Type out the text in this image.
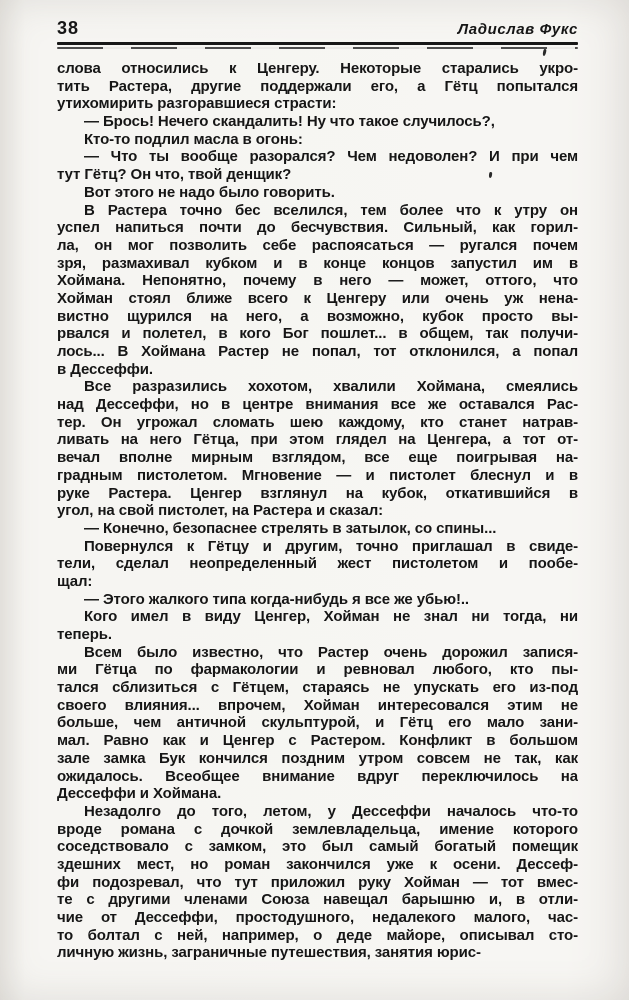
38	Ладислав Фукс
слова относились к Ценгеру. Некоторые старались укро-
тить Растера, другие поддержали его, а Гётц попытался
утихомирить разгоравшиеся страсти:
— Брось! Нечего скандалить! Ну что такое случилось?,
Кто-то подлил масла в огонь:
— Что ты вообще разорался? Чем недоволен? И при чем
тут Гётц? Он что, твой денщик?
Вот этого не надо было говорить.
В Растера точно бес вселился, тем более что к утру он
успел напиться почти до бесчувствия. Сильный, как горил-
ла, он мог позволить себе распоясаться — ругался почем
зря, размахивал кубком и в конце концов запустил им в
Хоймана. Непонятно, почему в него — может, оттого, что
Хойман стоял ближе всего к Ценгеру или очень уж нена-
вистно щурился на него, а возможно, кубок просто вы-
рвался и полетел, в кого Бог пошлет... в общем, так получи-
лось... В Хоймана Растер не попал, тот отклонился, а попал
в Дессеффи.
Все разразились хохотом, хвалили Хоймана, смеялись
над Дессеффи, но в центре внимания все же оставался Рас-
тер. Он угрожал сломать шею каждому, кто станет натрав-
ливать на него Гётца, при этом глядел на Ценгера, а тот от-
вечал вполне мирным взглядом, все еще поигрывая на-
градным пистолетом. Мгновение — и пистолет блеснул и в
руке Растера. Ценгер взглянул на кубок, откатившийся в
угол, на свой пистолет, на Растера и сказал:
— Конечно, безопаснее стрелять в затылок, со спины...
Повернулся к Гётцу и другим, точно приглашал в свиде-
тели, сделал неопределенный жест пистолетом и пообе-
щал:
— Этого жалкого типа когда-нибудь я все же убью!..
Кого имел в виду Ценгер, Хойман не знал ни тогда, ни
теперь.
Всем было известно, что Растер очень дорожил запися-
ми Гётца по фармакологии и ревновал любого, кто пы-
тался сблизиться с Гётцем, стараясь не упускать его из-под
своего влияния... впрочем, Хойман интересовался этим не
больше, чем античной скульптурой, и Гётц его мало зани-
мал. Равно как и Ценгер с Растером. Конфликт в большом
зале замка Бук кончился поздним утром совсем не так, как
ожидалось. Всеобщее внимание вдруг переключилось на
Дессеффи и Хоймана.
Незадолго до того, летом, у Дессеффи началось что-то
вроде романа с дочкой землевладельца, имение которого
соседствовало с замком, это был самый богатый помещик
здешних мест, но роман закончился уже к осени. Дессеф-
фи подозревал, что тут приложил руку Хойман — тот вмес-
те с другими членами Союза навещал барышню и, в отли-
чие от Дессеффи, простодушного, недалекого малого, час-
то болтал с ней, например, о деде майоре, описывал сто-
личную жизнь, заграничные путешествия, занятия юрис-
